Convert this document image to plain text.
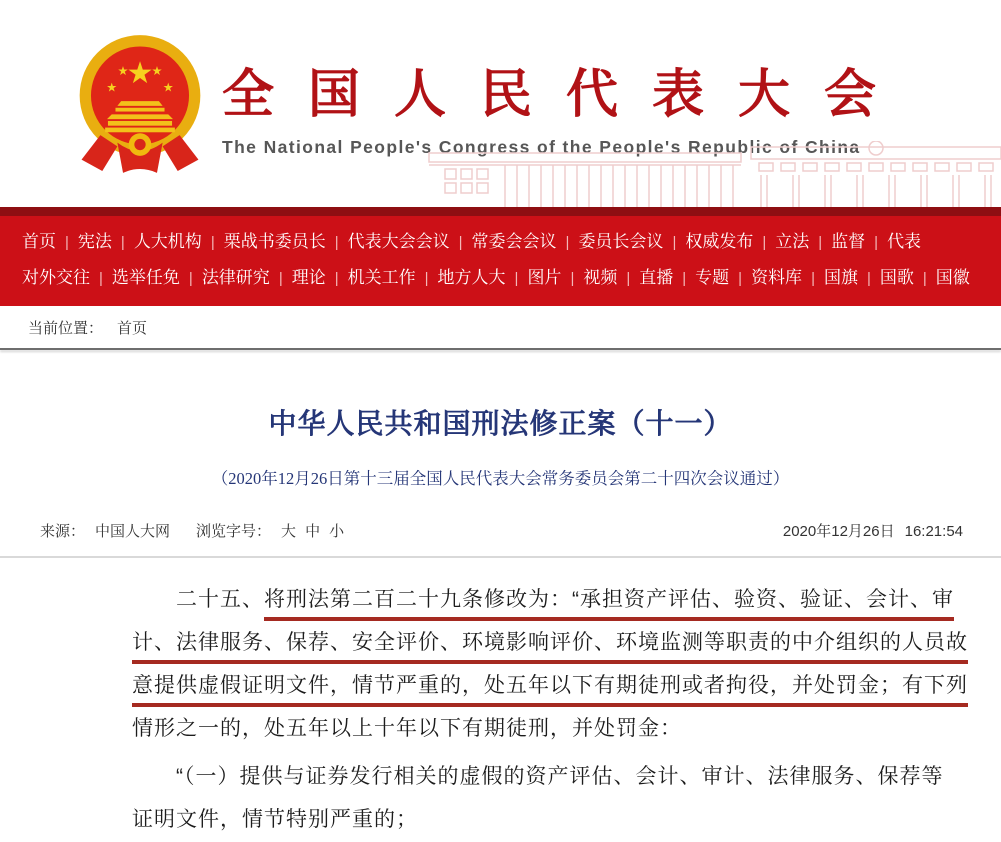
★
★
★ ★
★ 全国人民代表大会
The National People's Congress of the People's Republic of China
首页 | 宪法 | 人大机构 | 栗战书委员长 | 代表大会会议 | 常委会会议 | 委员长会议 | 权威发布 | 立法 | 监督 | 代表
对外交往 | 选举任免 | 法律研究 | 理论 | 机关工作 | 地方人大 | 图片 | 视频 | 直播 | 专题 | 资料库 | 国旗 | 国歌 | 国徽
当前位置： 首页
中华人民共和国刑法修正案（十一）
（2020年12月26日第十三届全国人民代表大会常务委员会第二十四次会议通过）
来源： 中国人大网 浏览字号： 大 中 小	2020年12月26日 16:21:54
二十五、将刑法第二百二十九条修改为：“承担资产评估、验资、验证、会计、审
计、法律服务、保荐、安全评价、环境影响评价、环境监测等职责的中介组织的人员故
意提供虚假证明文件，情节严重的，处五年以下有期徒刑或者拘役，并处罚金；有下列
情形之一的，处五年以上十年以下有期徒刑，并处罚金：
“（一）提供与证券发行相关的虚假的资产评估、会计、审计、法律服务、保荐等
证明文件，情节特别严重的；
